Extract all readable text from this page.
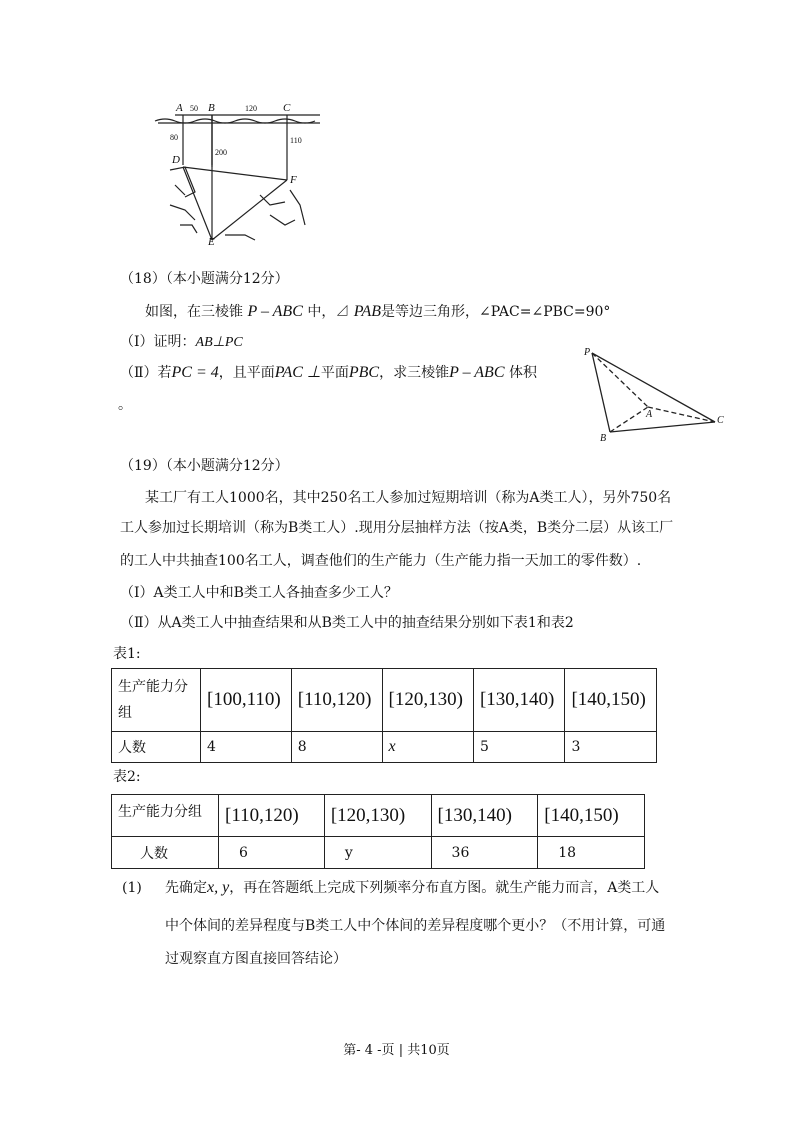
A B	C
D
E
F
50	120
80
200
110
（18）（本小题满分12分）
如图，在三棱锥 P – ABC 中，⊿ PAB是等边三角形，∠PAC=∠PBC=90°
（Ⅰ）证明：AB⊥PC
（Ⅱ）若PC = 4，且平面PAC ⊥平面PBC，求三棱锥P – ABC 体积
。
P
A
B
C
（19）（本小题满分12分）
某工厂有工人1000名，其中250名工人参加过短期培训（称为A类工人），另外750名
工人参加过长期培训（称为B类工人）.现用分层抽样方法（按A类，B类分二层）从该工厂
的工人中共抽查100名工人，调查他们的生产能力（生产能力指一天加工的零件数）.
（Ⅰ）A类工人中和B类工人各抽查多少工人？
（Ⅱ）从A类工人中抽查结果和从B类工人中的抽查结果分别如下表1和表2
表1:
生产能力分
组	[100,110)	[110,120)	[120,130)	[130,140)	[140,150)
人数	4	8	x	5	3
表2:
生产能力分组	[110,120)	[120,130)	[130,140)	[140,150)
人数	6	y	36	18
(1) 先确定x, y，再在答题纸上完成下列频率分布直方图。就生产能力而言，A类工人
中个体间的差异程度与B类工人中个体间的差异程度哪个更小？（不用计算，可通
过观察直方图直接回答结论）
第- 4 -页 | 共10页
